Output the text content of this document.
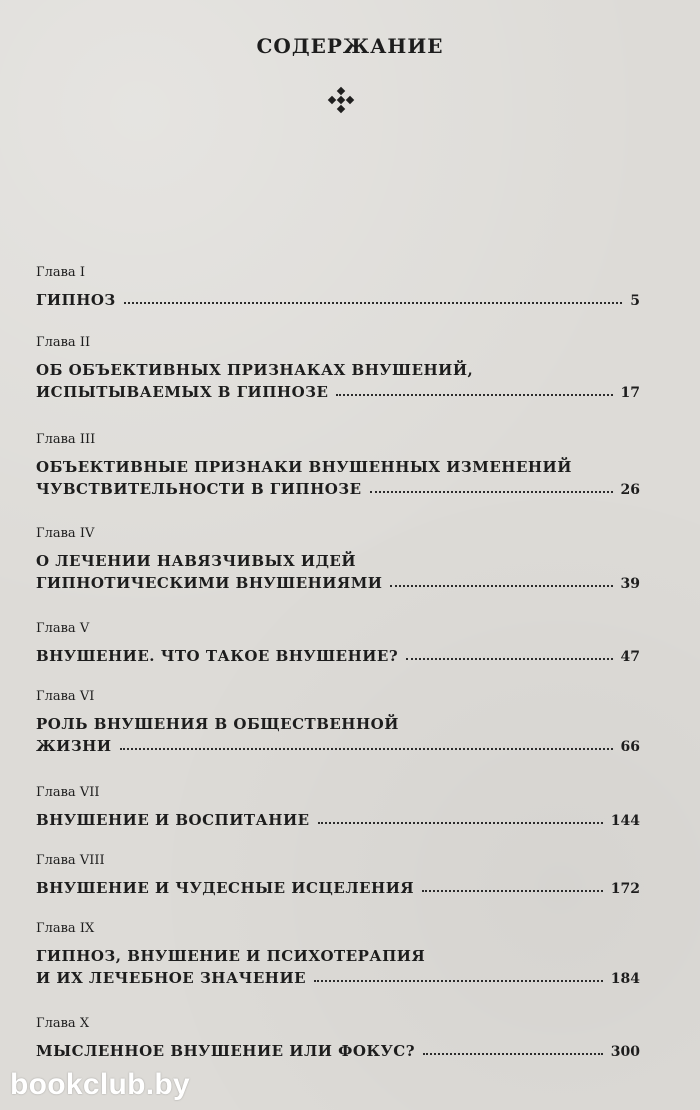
СОДЕРЖАНИЕ
Глава I
ГИПНОЗ	5
Глава II
ОБ ОБЪЕКТИВНЫХ ПРИЗНАКАХ ВНУШЕНИЙ,
ИСПЫТЫВАЕМЫХ В ГИПНОЗЕ	17
Глава III
ОБЪЕКТИВНЫЕ ПРИЗНАКИ ВНУШЕННЫХ ИЗМЕНЕНИЙ
ЧУВСТВИТЕЛЬНОСТИ В ГИПНОЗЕ	26
Глава IV
О ЛЕЧЕНИИ НАВЯЗЧИВЫХ ИДЕЙ
ГИПНОТИЧЕСКИМИ ВНУШЕНИЯМИ	39
Глава V
ВНУШЕНИЕ. ЧТО ТАКОЕ ВНУШЕНИЕ?	47
Глава VI
РОЛЬ ВНУШЕНИЯ В ОБЩЕСТВЕННОЙ
ЖИЗНИ	66
Глава VII
ВНУШЕНИЕ И ВОСПИТАНИЕ	144
Глава VIII
ВНУШЕНИЕ И ЧУДЕСНЫЕ ИСЦЕЛЕНИЯ	172
Глава IX
ГИПНОЗ, ВНУШЕНИЕ И ПСИХОТЕРАПИЯ
И ИХ ЛЕЧЕБНОЕ ЗНАЧЕНИЕ	184
Глава X
МЫСЛЕННОЕ ВНУШЕНИЕ ИЛИ ФОКУС?	300
bookclub.by
